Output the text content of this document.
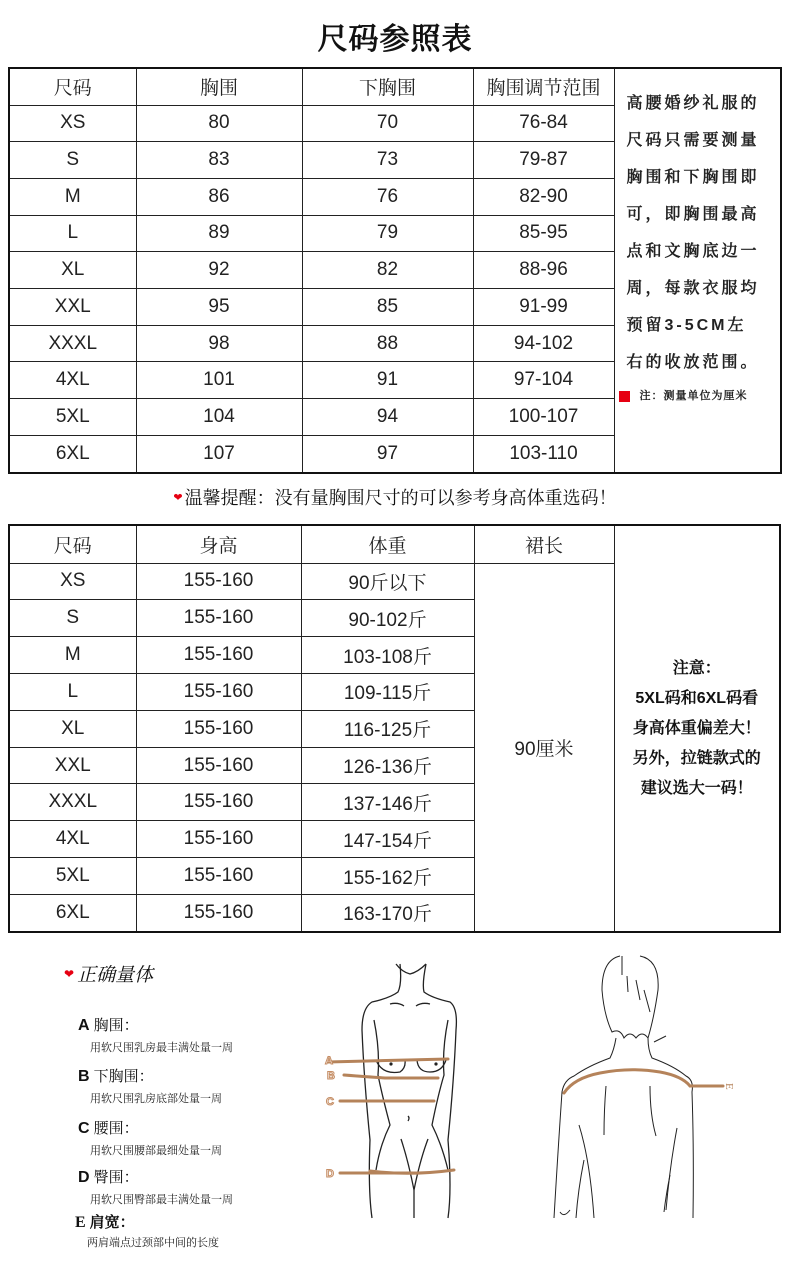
尺码参照表
尺码	胸围	下胸围	胸围调节范围	
高腰婚纱礼服的
尺码只需要测量
胸围和下胸围即
可，即胸围最高
点和文胸底边一
周，每款衣服均
预留3-5CM左
右的收放范围。
注：测量单位为厘米

XS	80	70	76-84	
S	83	73	79-87	
M	86	76	82-90	
L	89	79	85-95	
XL	92	82	88-96	
XXL	95	85	91-99	
XXXL	98	88	94-102	
4XL	101	91	97-104	
5XL	104	94	100-107	
6XL	107	97	103-110	
❤ 温馨提醒：没有量胸围尺寸的可以参考身高体重选码！
尺码	身高	体重	裙长	注意：
5XL码和6XL码看
身高体重偏差大！
另外，拉链款式的
建议选大一码！

XS	155-160	90斤以下	90厘米	
S	155-160	90-102斤		
M	155-160	103-108斤		
L	155-160	109-115斤		
XL	155-160	116-125斤		
XXL	155-160	126-136斤		
XXXL	155-160	137-146斤		
4XL	155-160	147-154斤		
5XL	155-160	155-162斤		
6XL	155-160	163-170斤		
❤ 正确量体
A 胸围：
用软尺围乳房最丰满处量一周
B 下胸围：
用软尺围乳房底部处量一周
C 腰围：
用软尺围腰部最细处量一周
D 臀围：
用软尺围臀部最丰满处量一周
E 肩宽：
两肩端点过颈部中间的长度
A
B
C
D
E
